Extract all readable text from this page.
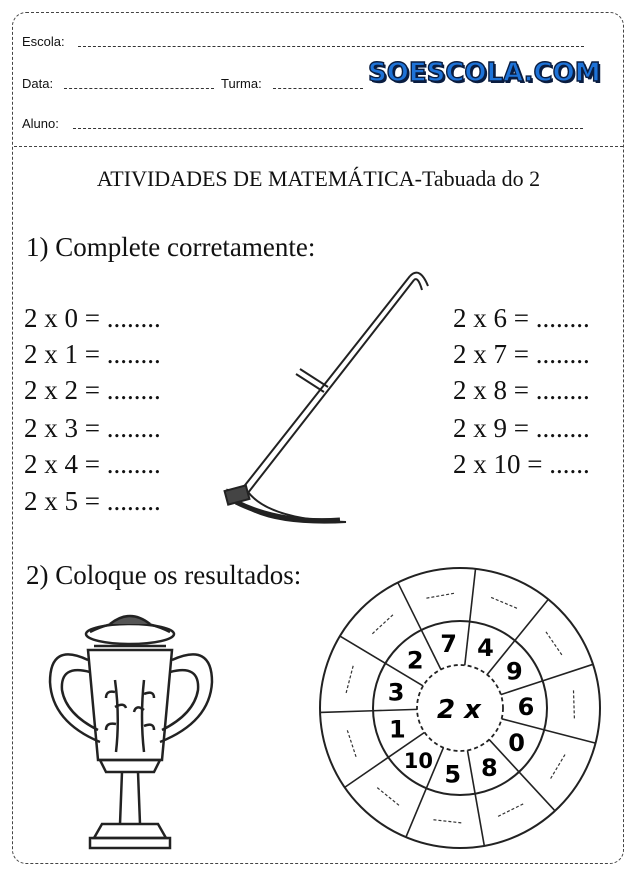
Escola:
Data:	Turma:	SOESCOLA.COM
Aluno:
ATIVIDADES DE MATEMÁTICA-Tabuada do 2
1) Complete corretamente:
2 x 0 = ........
2 x 1 = ........
2 x 2 = ........
2 x 3 = ........
2 x 4 = ........
2 x 5 = ........
2 x 6 = ........
2 x 7 = ........
2 x 8 = ........
2 x 9 = ........
2 x 10 = ......
2) Coloque os resultados:
2 x
7 4
9
6
0
8
5
10
1
3
2
